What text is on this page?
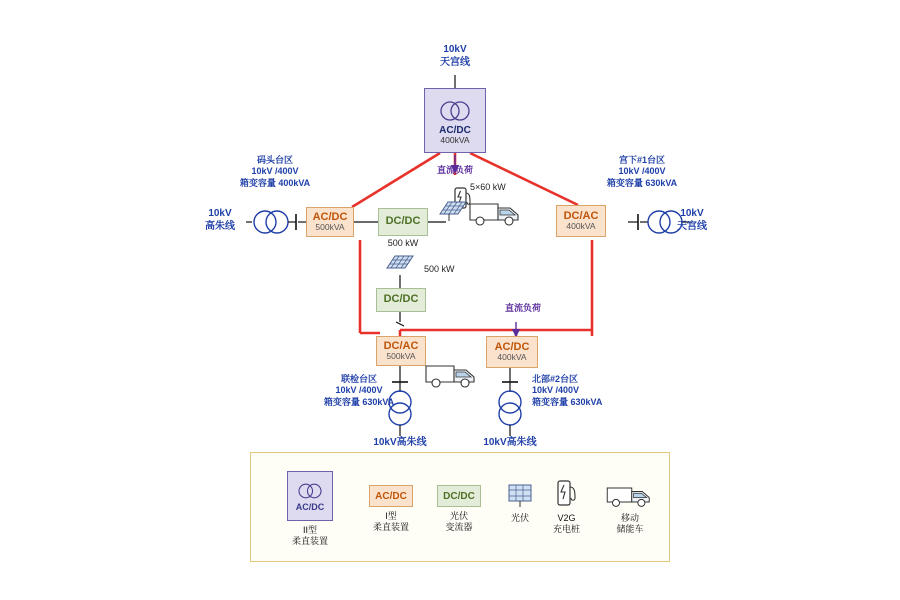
10kV
天宫线
AC/DC
400kVA
直流负荷
5×60 kW
码头台区
10kV /400V
箱变容量 400kVA
10kV
高朱线
AC/DC
500kVA
DC/DC
500 kW
宫下#1台区
10kV /400V
箱变容量 630kVA
DC/AC
400kVA
10kV
天宫线
500 kW
DC/DC
DC/AC
500kVA
AC/DC
400kVA
直流负荷
联检台区
10kV /400V
箱变容量 630kVA
北部#2台区
10kV /400V
箱变容量 630kVA
10kV高朱线	10kV高朱线
AC/DC
II型
柔直装置
AC/DC
I型
柔直装置
DC/DC
光伏
变流器
光伏	V2G
充电桩
移动
储能车
